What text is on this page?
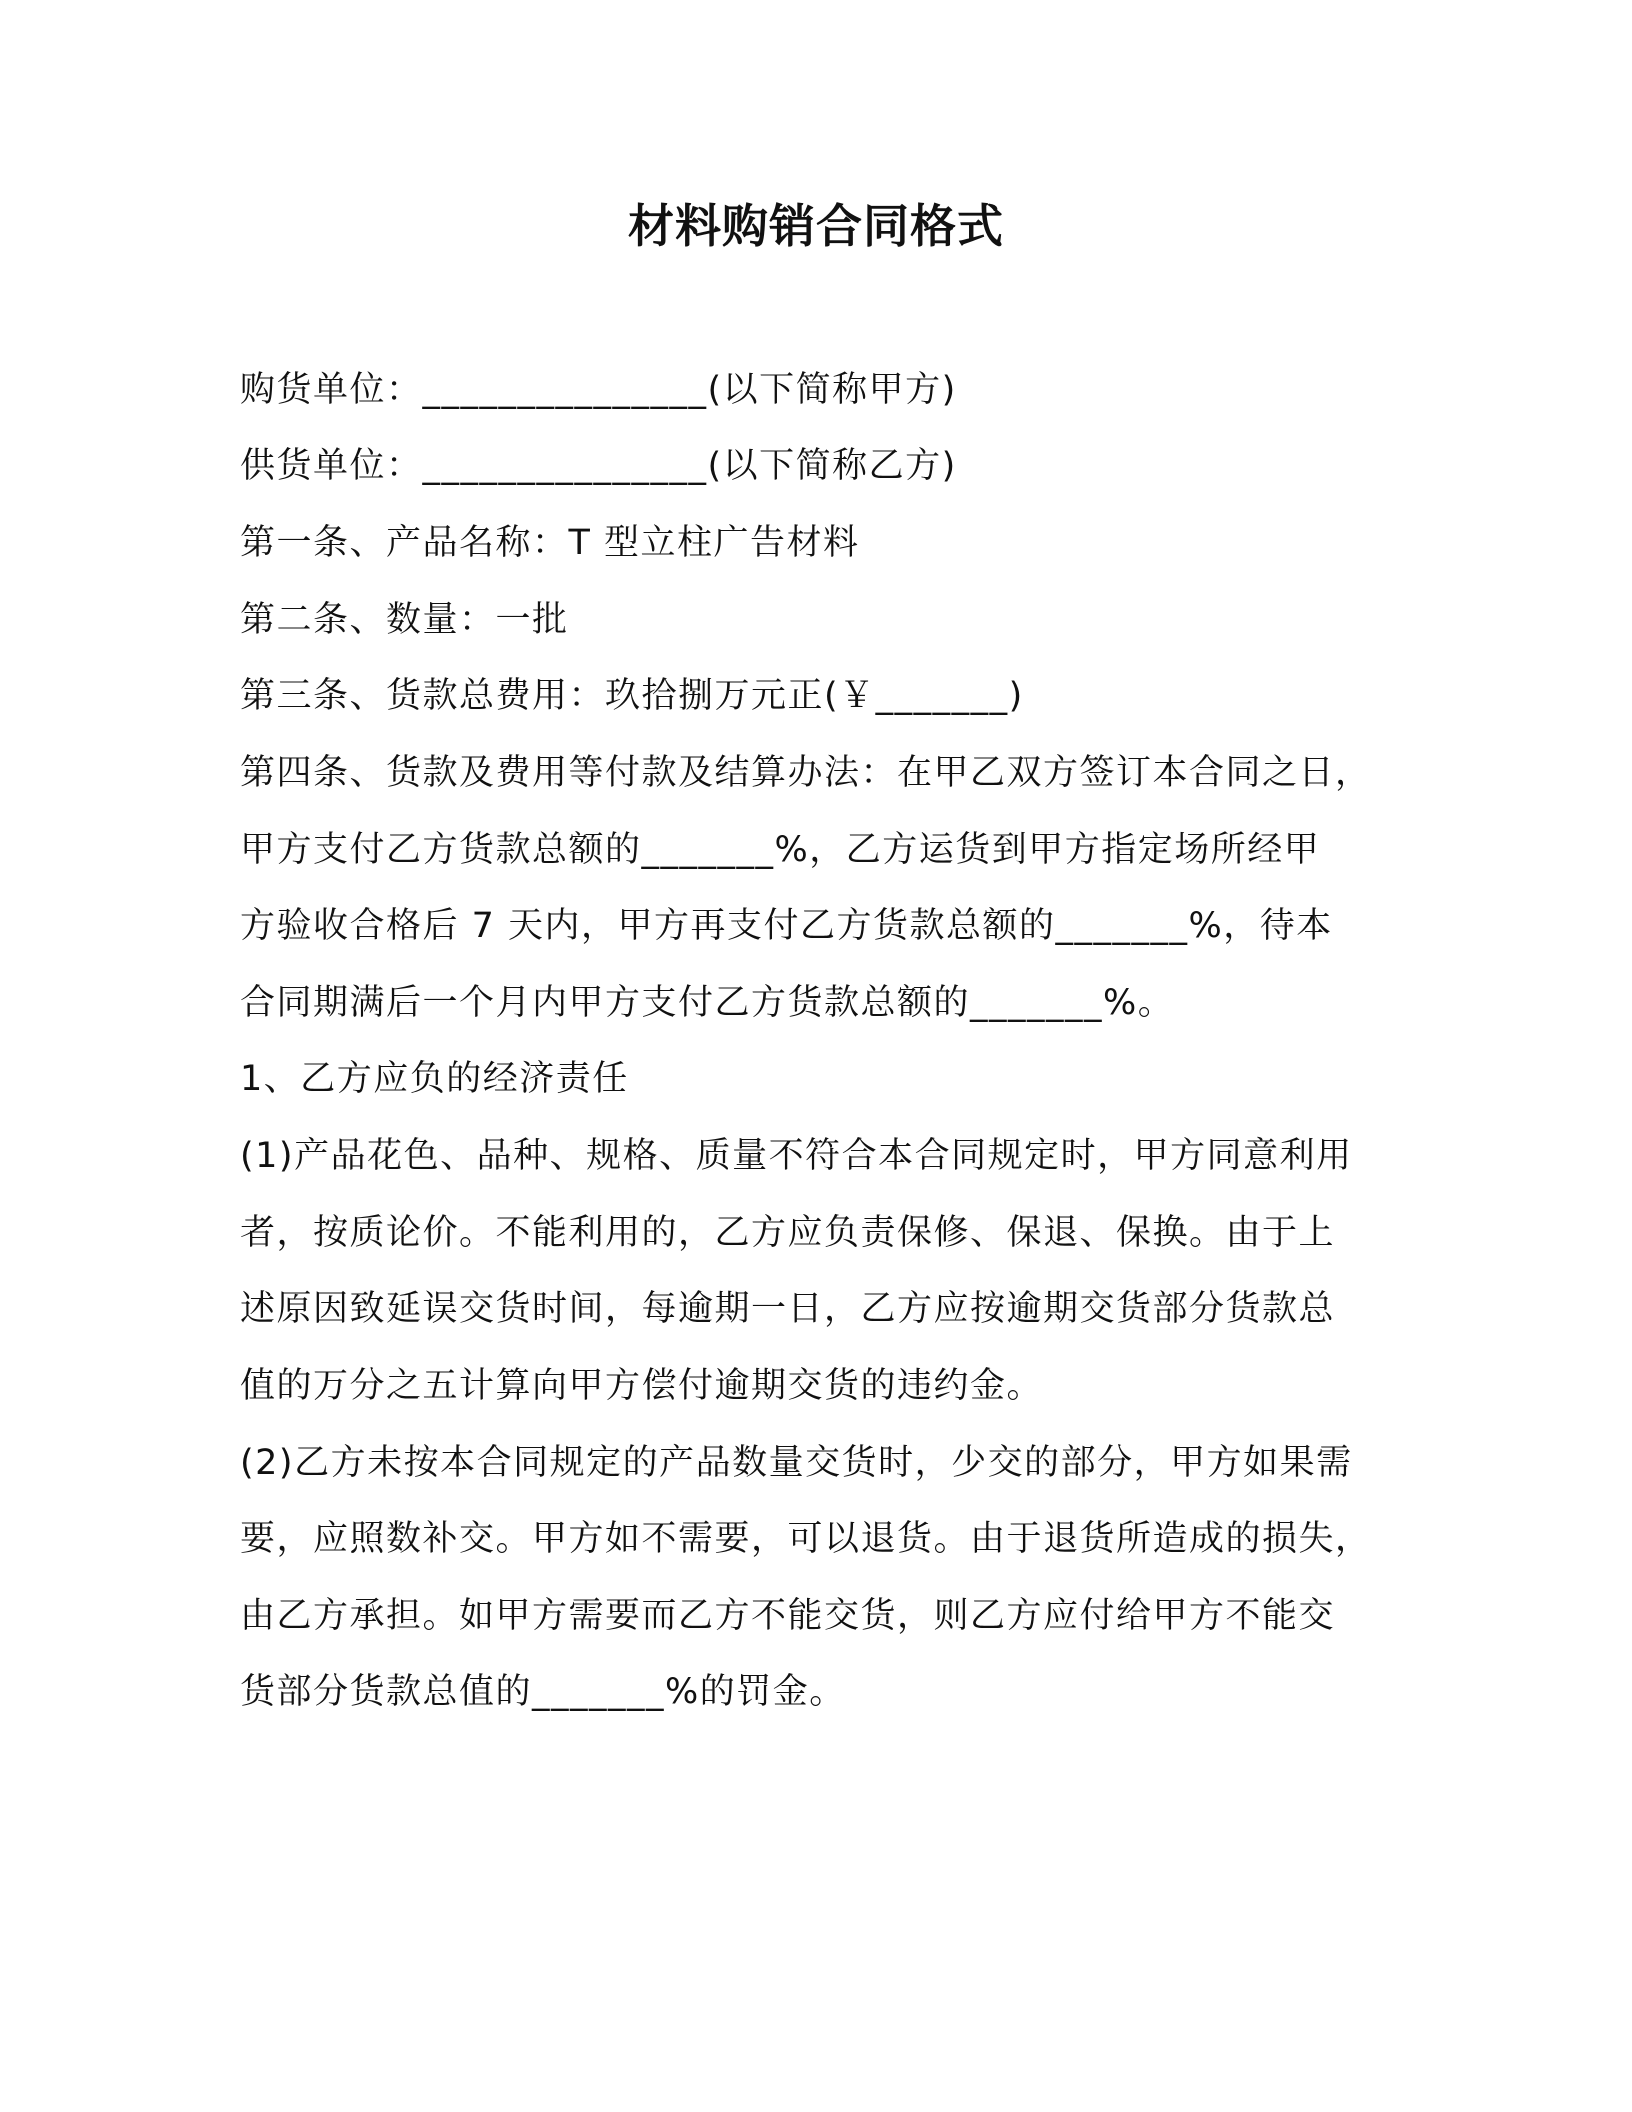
材料购销合同格式
购货单位：_______________(以下简称甲方)
供货单位：_______________(以下简称乙方)
第一条、产品名称：T 型立柱广告材料
第二条、数量：一批
第三条、货款总费用：玖拾捌万元正(￥_______)
第四条、货款及费用等付款及结算办法：在甲乙双方签订本合同之日，
甲方支付乙方货款总额的_______%，乙方运货到甲方指定场所经甲
方验收合格后 7 天内，甲方再支付乙方货款总额的_______%，待本
合同期满后一个月内甲方支付乙方货款总额的_______%。
1、乙方应负的经济责任
(1)产品花色、品种、规格、质量不符合本合同规定时，甲方同意利用
者，按质论价。不能利用的，乙方应负责保修、保退、保换。由于上
述原因致延误交货时间，每逾期一日，乙方应按逾期交货部分货款总
值的万分之五计算向甲方偿付逾期交货的违约金。
(2)乙方未按本合同规定的产品数量交货时，少交的部分，甲方如果需
要，应照数补交。甲方如不需要，可以退货。由于退货所造成的损失，
由乙方承担。如甲方需要而乙方不能交货，则乙方应付给甲方不能交
货部分货款总值的_______%的罚金。
